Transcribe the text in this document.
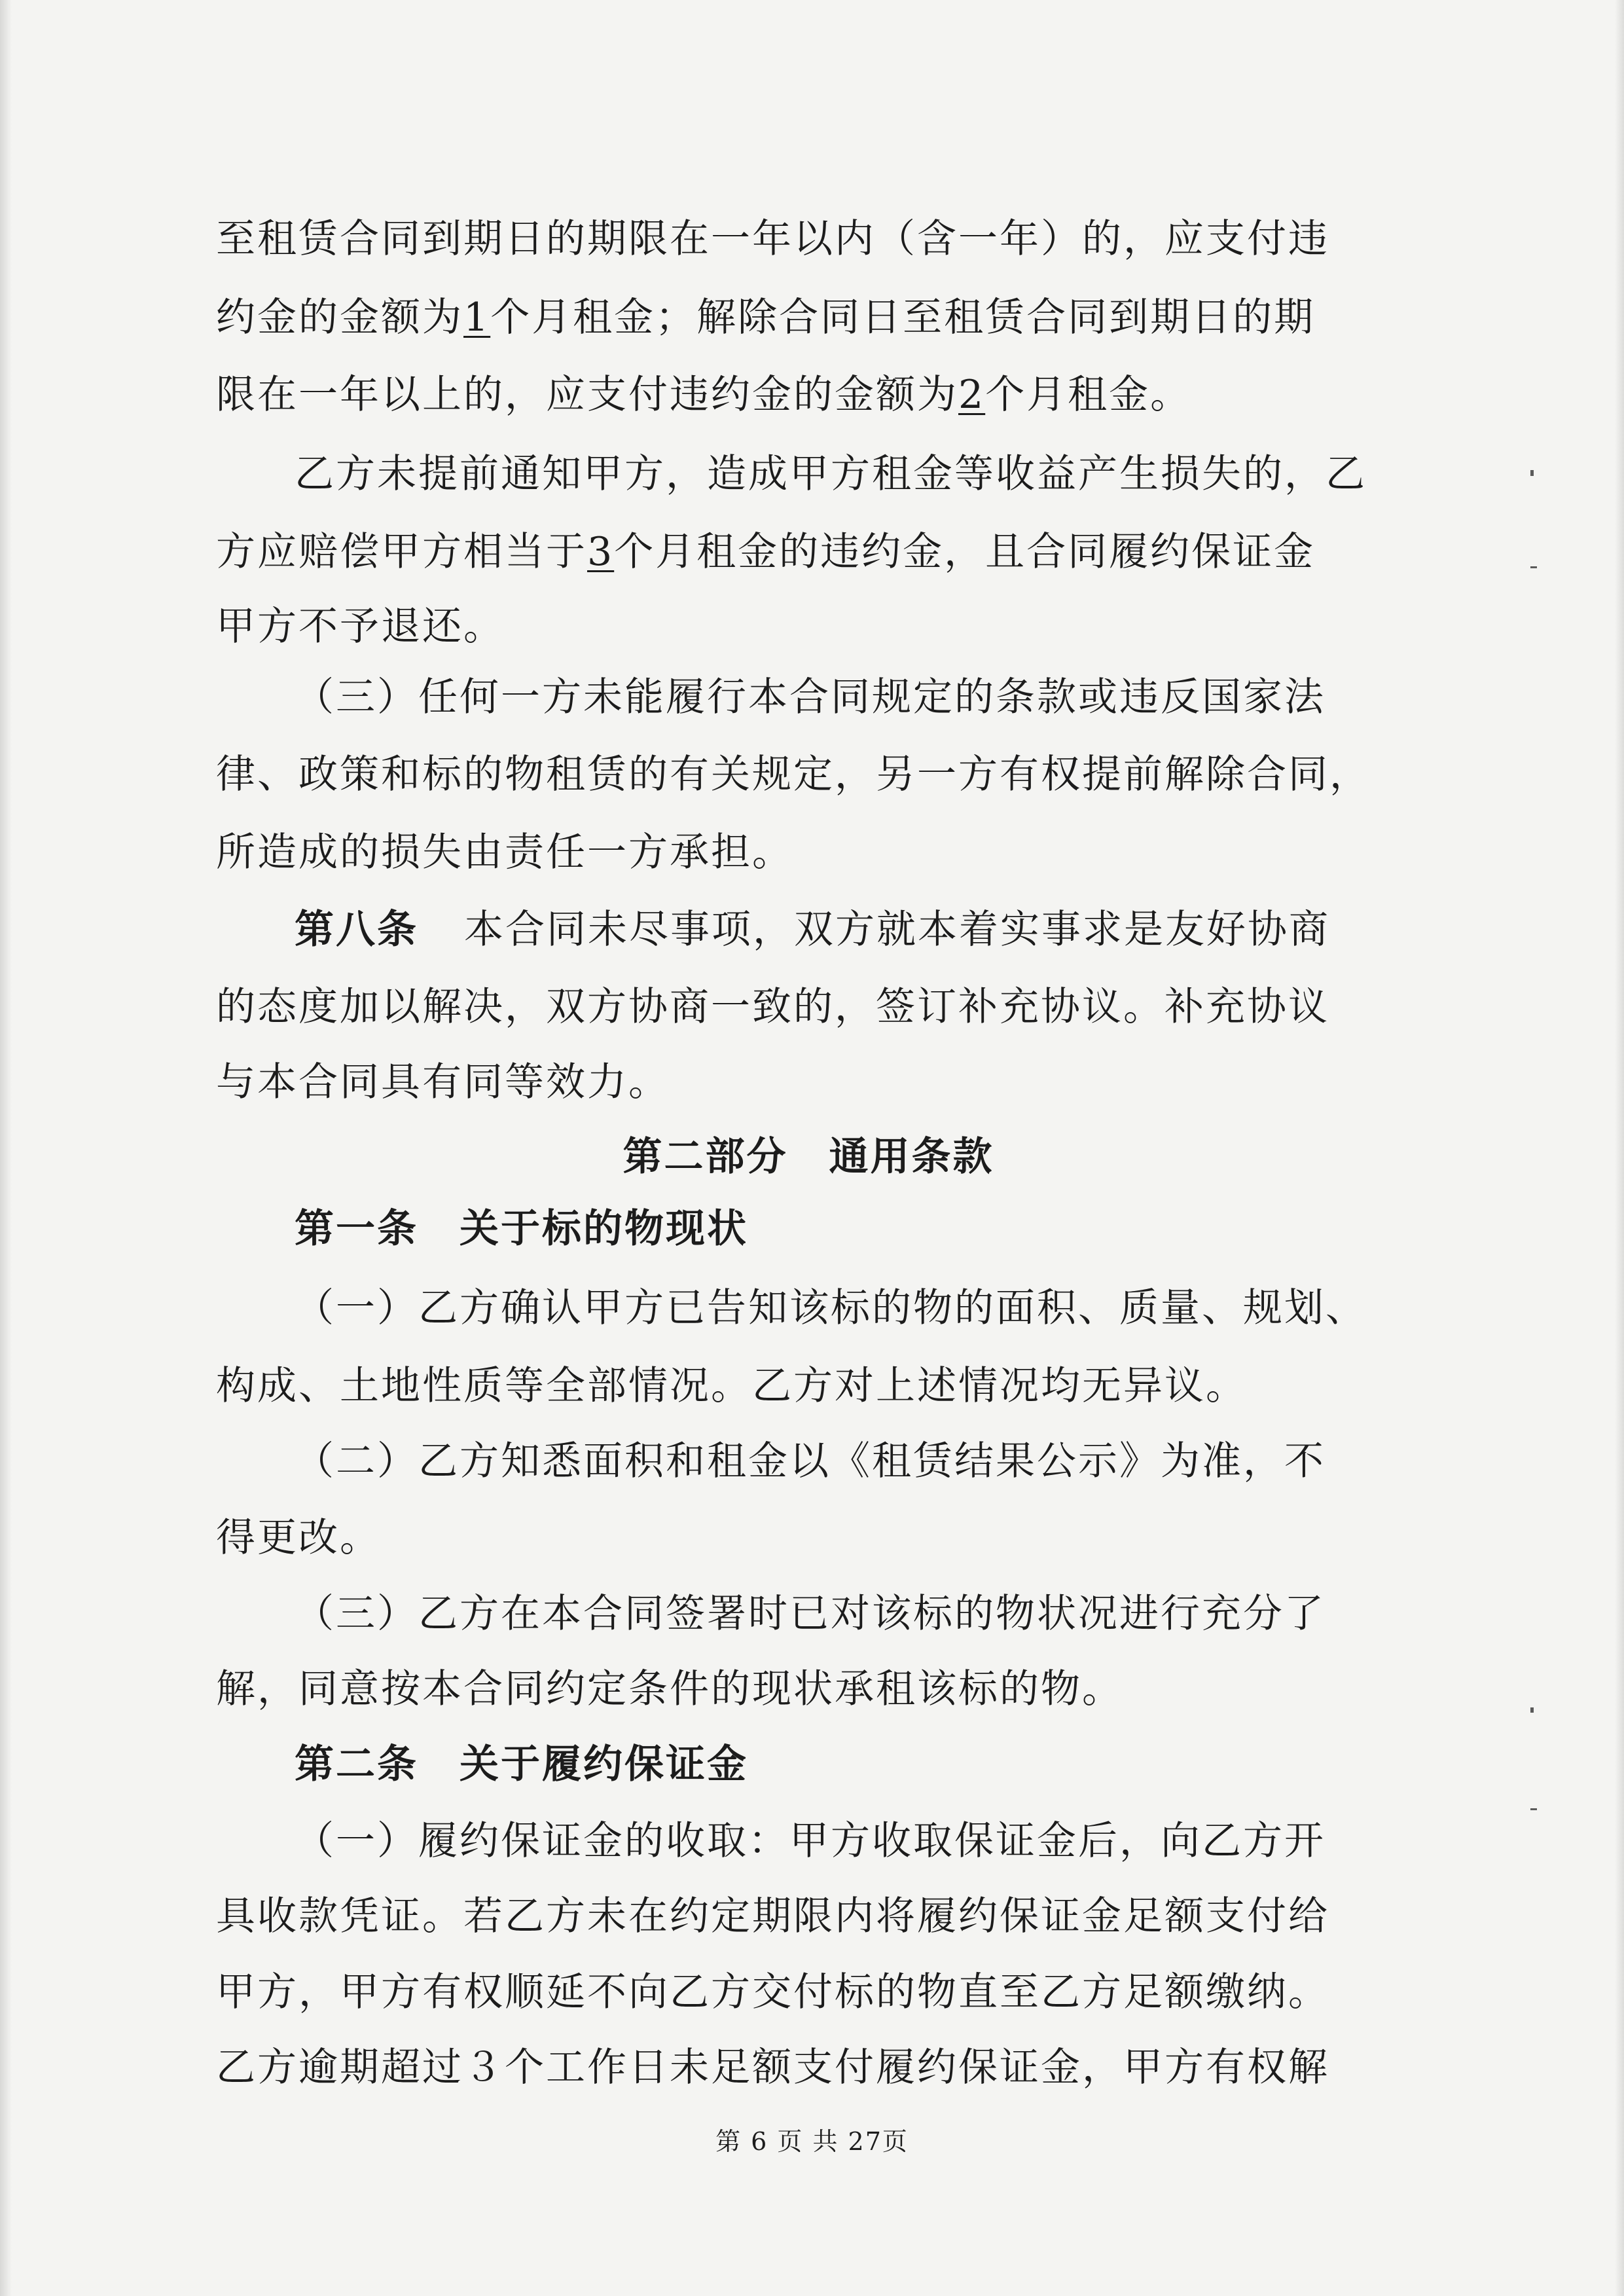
至租赁合同到期日的期限在一年以内（含一年）的，应支付违
约金的金额为1个月租金；解除合同日至租赁合同到期日的期
限在一年以上的，应支付违约金的金额为2个月租金。
乙方未提前通知甲方，造成甲方租金等收益产生损失的，乙
方应赔偿甲方相当于3个月租金的违约金，且合同履约保证金
甲方不予退还。
（三）任何一方未能履行本合同规定的条款或违反国家法
律、政策和标的物租赁的有关规定，另一方有权提前解除合同，
所造成的损失由责任一方承担。
第八条 本合同未尽事项，双方就本着实事求是友好协商
的态度加以解决，双方协商一致的，签订补充协议。补充协议
与本合同具有同等效力。
第二部分　通用条款
第一条　关于标的物现状
（一）乙方确认甲方已告知该标的物的面积、质量、规划、
构成、土地性质等全部情况。乙方对上述情况均无异议。
（二）乙方知悉面积和租金以《租赁结果公示》为准，不
得更改。
（三）乙方在本合同签署时已对该标的物状况进行充分了
解，同意按本合同约定条件的现状承租该标的物。
第二条　关于履约保证金
（一）履约保证金的收取：甲方收取保证金后，向乙方开
具收款凭证。若乙方未在约定期限内将履约保证金足额支付给
甲方，甲方有权顺延不向乙方交付标的物直至乙方足额缴纳。
乙方逾期超过３个工作日未足额支付履约保证金，甲方有权解
第 6 页 共 27页
